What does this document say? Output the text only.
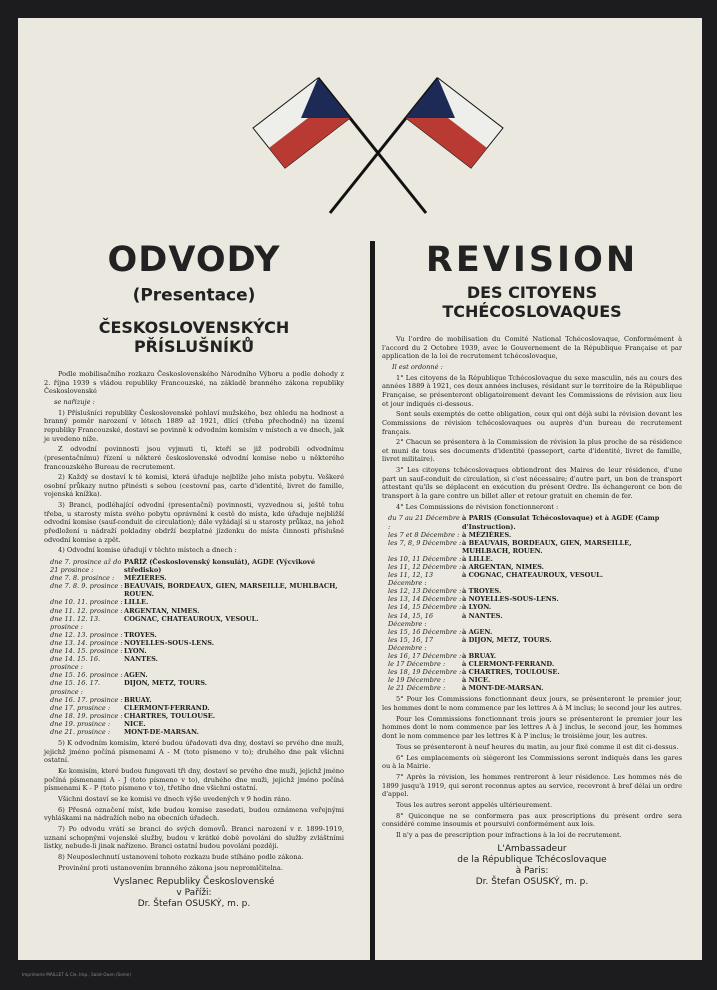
ODVODY (Presentace)
ČESKOSLOVENSKÝCH PŘÍSLUŠNÍKŮ

Podle mobilisačního rozkazu Československého Národního Výboru a podle dohody z 2. října 1939 s vládou republiky Francouzské, na základě branného zákona republiky Československé

se nařizuje :

1) Příslušníci republiky Československé pohlaví mužského, bez ohledu na hodnost a branný poměr narození v létech 1889 až 1921, dlící (třeba přechodně) na území republiky Francouzské, dostaví se povinně k odvodním komisím v místech a ve dnech, jak je uvedeno níže.

Z odvodní povinnosti jsou vyjmuti ti, kteří se již podrobili odvodnímu (presentačnímu) řízení u některé československé odvodní komise nebo u některého francouzského Bureau de recrutement.

2) Každý se dostaví k té komisi, která úřaduje nejblíže jeho místa pobytu. Veškeré osobní průkazy nutno přinésti s sebou (cestovní pas, carte d'identité, livret de famille, vojenská knížka).

3) Branci, podléhající odvodní (presentační) povinnosti, vyzvednou si, ještě tohu třeba, u starosty místa svého pobytu oprávnění k cestě do místa, kde úřaduje nejbližší odvodní komise (sauf-conduit de circulation); dále vyžádají si u starosty průkaz, na jehož předložení u nádraží pokladny obdrží bezplatné jízdenku do místa činnosti příslušné odvodní komise a zpět.

4) Odvodní komise úřadují v těchto místech a dnech :

dne 7. prosince až do 21 prosince :
PAŘÍŽ (Československý konsulát), AGDE (Výcvikové středisko)
dne 7. 8. prosince :	MÉZIÈRES.
dne 7. 8. 9. prosince : BEAUVAIS, BORDEAUX, GIEN, MARSEILLE, MUHLBACH, ROUEN.
dne 10. 11. prosince : LILLE.
dne 11. 12. prosince : ARGENTAN, NIMES.
dne 11. 12. 13. prosince :
COGNAC, CHATEAUROUX, VESOUL.
dne 12. 13. prosince : TROYES.
dne 13. 14. prosince : NOYELLES-SOUS-LENS.
dne 14. 15. prosince : LYON.
dne 14. 15. 16. prosince :
NANTES.
dne 15. 16. prosince : AGEN.
dne 15. 16. 17. prosince :
DIJON, METZ, TOURS.
dne 16. 17. prosince : BRUAY.
dne 17. prosince :	CLERMONT-FERRAND.
dne 18. 19. prosince : CHARTRES, TOULOUSE.
dne 19. prosince :	NICE.
dne 21. prosince :	MONT-DE-MARSAN.

5) K odvodním komisím, které budou úřadovati dva dny, dostaví se prvého dne muži, jejichž jméno počíná písmenami A - M (toto písmeno v to); druhého dne pak všichni ostatní.

Ke komisím, které budou fungovati tři dny, dostaví se prvého dne muži, jejichž jméno počíná písmenami A - J (toto písmeno v to), druhého dne muži, jejichž jméno počíná písmenami K - P (toto písmeno v to), třetího dne všichni ostatní.

Všichni dostaví se ke komisi ve dnech výše uvedených v 9 hodin ráno.

6) Přesná označení míst, kde budou komise zasedati, budou oznámena veřejnými vyhláškami na nádražích nebo na obecních úřadech.

7) Po odvodu vrátí se branci do svých domovů. Branci narození v r. 1899-1919, uznaní schopnými vojenské služby, budou v krátké době povoláni do služby zvláštními lístky, nebude-li jinak nařízeno. Branci ostatní budou povoláni později.

8) Neuposlechnutí ustanovení tohoto rozkazu bude stíháno podle zákona.

Provinění proti ustanovením branného zákona jsou nepromlčitelna.

Vyslanec Republiky Československé
v Paříži:
Dr. Štefan OSUSKÝ, m. p.
REVISION
DES CITOYENS TCHÉCOSLOVAQUES

Vu l'ordre de mobilisation du Comité National Tchécoslovaque, Conformément à l'accord du 2 Octobre 1939, avec le Gouvernement de la République Française et par application de la loi de recrutement tchécoslovaque,

Il est ordonné :

1° Les citoyens de la République Tchécoslovaque du sexe masculin, nés au cours des années 1889 à 1921, ces deux années incluses, résidant sur le territoire de la République Française, se présenteront obligatoirement devant les Commissions de révision aux lieu et jour indiqués ci-dessous.

Sont seuls exemptés de cette obligation, ceux qui ont déjà subi la révision devant les Commissions de révision tchécoslovaques ou auprès d'un bureau de recrutement français.

2° Chacun se présentera à la Commission de révision la plus proche de sa résidence et muni de tous ses documents d'identité (passeport, carte d'identité, livret de famille, livret militaire).

3° Les citoyens tchécoslovaques obtiendront des Maires de leur résidence, d'une part un sauf-conduit de circulation, si c'est nécessaire; d'autre part, un bon de transport attestant qu'ils se déplacent en exécution du présent Ordre. Ils échangeront ce bon de transport à la gare contre un billet aller et retour gratuit en chemin de fer.

4° Les Commissions de révision fonctionneront :

du 7 au 21 Décembre :
à PARIS (Consulat Tchécoslovaque) et à AGDE (Camp d'Instruction).
les 7 et 8 Décembre : à MÉZIÈRES.
les 7, 8, 9 Décembre : à BEAUVAIS, BORDEAUX, GIEN, MARSEILLE, MUHLBACH, ROUEN.
les 10, 11 Décembre : à LILLE.
les 11, 12 Décembre : à ARGENTAN, NIMES.
les 11, 12, 13 Décembre :
à COGNAC, CHATEAUROUX, VESOUL.
les 12, 13 Décembre : à TROYES.
les 13, 14 Décembre : à NOYELLES-SOUS-LENS.
les 14, 15 Décembre : à LYON.
les 14, 15, 16 Décembre :
à NANTES.
les 15, 16 Décembre : à AGEN.
les 15, 16, 17 Décembre :
à DIJON, METZ, TOURS.
les 16, 17 Décembre : à BRUAY.
le 17 Décembre :	à CLERMONT-FERRAND.
les 18, 19 Décembre : à CHARTRES, TOULOUSE.
le 19 Décembre :	à NICE.
le 21 Décembre :	à MONT-DE-MARSAN.

5° Pour les Commissions fonctionnant deux jours, se présenteront le premier jour, les hommes dont le nom commence par les lettres A à M inclus; le second jour les autres.

Pour les Commissions fonctionnant trois jours se présenteront le premier jour les hommes dont le nom commence par les lettres A à J inclus, le second jour, les hommes dont le nom commence par les lettres K à P inclus; le troisième jour, les autres.

Tous se présenteront à neuf heures du matin, au jour fixé comme il est dit ci-dessus.

6° Les emplacements où siègeront les Commissions seront indiqués dans les gares ou à la Mairie.

7° Après la révision, les hommes rentreront à leur résidence. Les hommes nés de 1899 jusqu'à 1919, qui seront reconnus aptes au service, recevront à bref délai un ordre d'appel.

Tous les autres seront appelés ultérieurement.

8° Quiconque ne se conformera pas aux prescriptions du présent ordre sera considéré comme insoumis et poursuivi conformément aux lois.

Il n'y a pas de prescription pour infractions à la loi de recrutement.

L'Ambassadeur
de la République Tchécoslovaque
à Paris:
Dr. Štefan OSUSKÝ, m. p.
Imprimerie MAILLET & Cie, Imp., Saint-Ouen (Seine)
